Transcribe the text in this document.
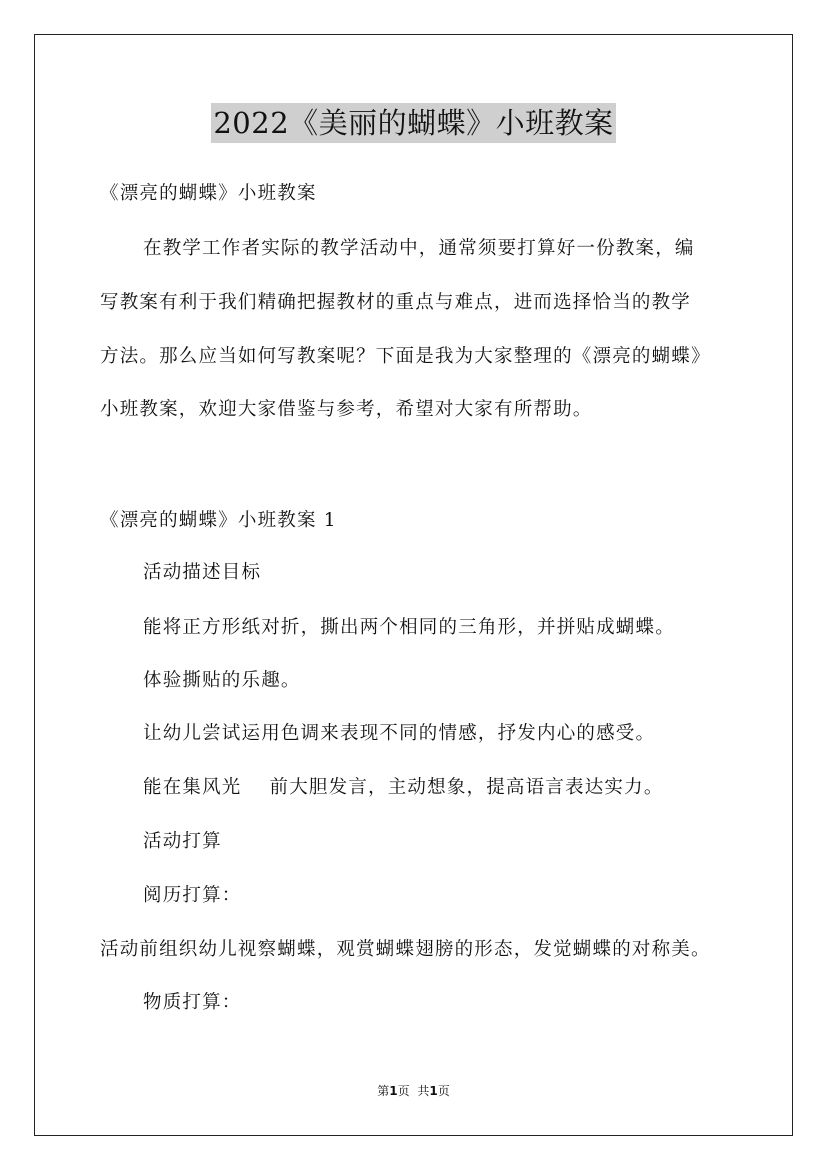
2022《美丽的蝴蝶》小班教案
《漂亮的蝴蝶》小班教案
在教学工作者实际的教学活动中，通常须要打算好一份教案，编
写教案有利于我们精确把握教材的重点与难点，进而选择恰当的教学
方法。那么应当如何写教案呢？下面是我为大家整理的《漂亮的蝴蝶》
小班教案，欢迎大家借鉴与参考，希望对大家有所帮助。
《漂亮的蝴蝶》小班教案 1
活动描述目标
能将正方形纸对折，撕出两个相同的三角形，并拼贴成蝴蝶。
体验撕贴的乐趣。
让幼儿尝试运用色调来表现不同的情感，抒发内心的感受。
能在集风光 前大胆发言，主动想象，提高语言表达实力。
活动打算
阅历打算：
活动前组织幼儿视察蝴蝶，观赏蝴蝶翅膀的形态，发觉蝴蝶的对称美。
物质打算：
第1页 共1页
